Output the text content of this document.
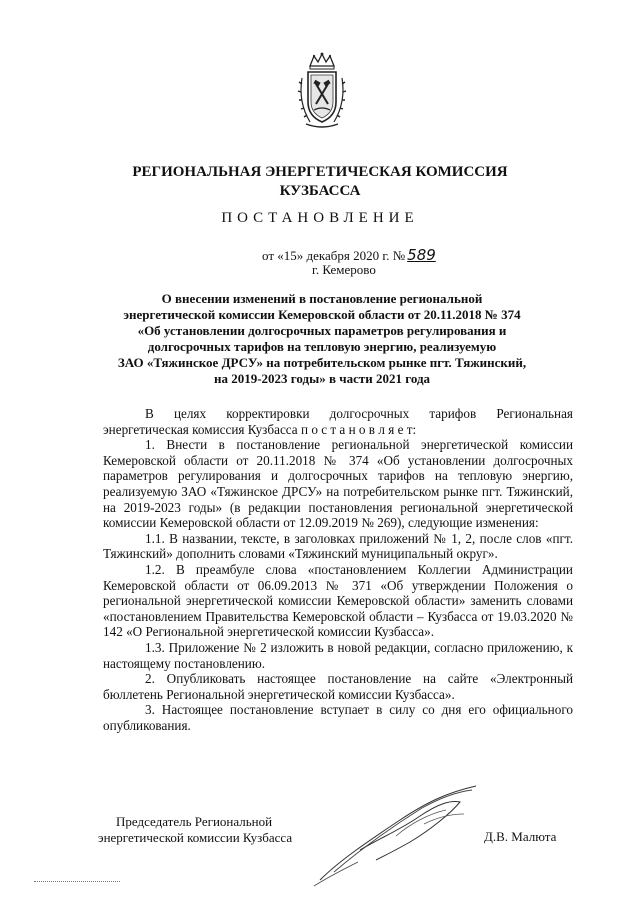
РЕГИОНАЛЬНАЯ ЭНЕРГЕТИЧЕСКАЯ КОМИССИЯ
КУЗБАССА
ПОСТАНОВЛЕНИЕ
от «15» декабря 2020 г. № 589
г. Кемерово
О внесении изменений в постановление региональной
энергетической комиссии Кемеровской области от 20.11.2018 № 374
«Об установлении долгосрочных параметров регулирования и
долгосрочных тарифов на тепловую энергию, реализуемую
ЗАО «Тяжинское ДРСУ» на потребительском рынке пгт. Тяжинский,
на 2019-2023 годы» в части 2021 года

В целях корректировки долгосрочных тарифов Региональная энергетическая комиссия Кузбасса п о с т а н о в л я е т:

1. Внести в постановление региональной энергетической комиссии Кемеровской области от 20.11.2018 № 374 «Об установлении долгосрочных параметров регулирования и долгосрочных тарифов на тепловую энергию, реализуемую ЗАО «Тяжинское ДРСУ» на потребительском рынке пгт. Тяжинский, на 2019-2023 годы» (в редакции постановления региональной энергетической комиссии Кемеровской области от 12.09.2019 № 269), следующие изменения:

1.1. В названии, тексте, в заголовках приложений № 1, 2, после слов «пгт. Тяжинский» дополнить словами «Тяжинский муниципальный округ».

1.2. В преамбуле слова «постановлением Коллегии Администрации Кемеровской области от 06.09.2013 № 371 «Об утверждении Положения о региональной энергетической комиссии Кемеровской области» заменить словами «постановлением Правительства Кемеровской области – Кузбасса от 19.03.2020 № 142 «О Региональной энергетической комиссии Кузбасса».

1.3. Приложение № 2 изложить в новой редакции, согласно приложению, к настоящему постановлению.

2. Опубликовать настоящее постановление на сайте «Электронный бюллетень Региональной энергетической комиссии Кузбасса».

3. Настоящее постановление вступает в силу со дня его официального опубликования.

Председатель Региональной
энергетической комиссии Кузбасса	Д.В. Малюта
